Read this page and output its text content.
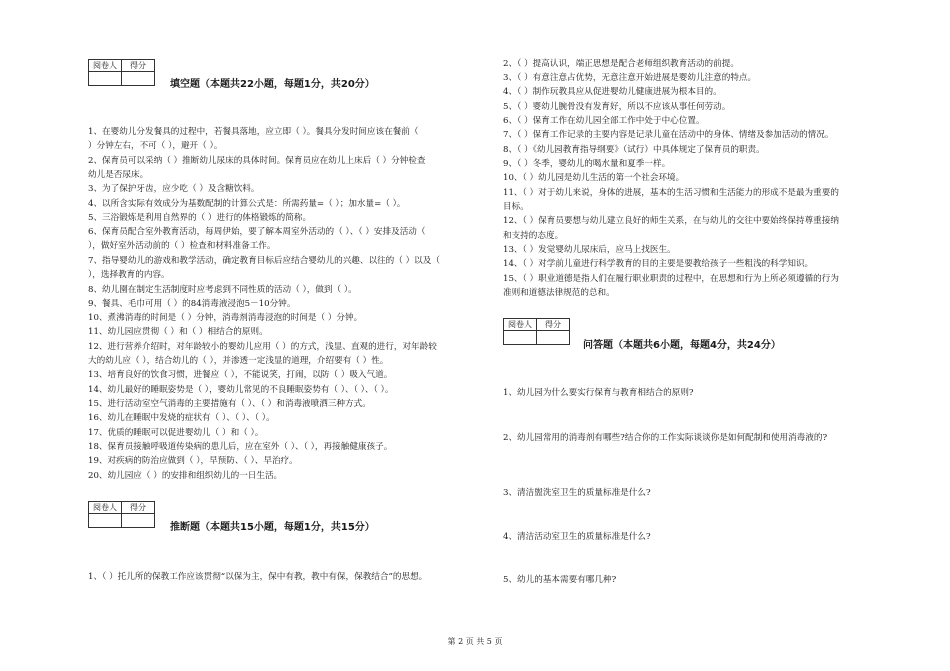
阅卷人	得分

填空题（本题共22小题，每题1分，共20分）
1、在婴幼儿分发餐具的过程中，若餐具落地，应立即（ ）。餐具分发时间应该在餐前（
）分钟左右，不可（ ），避开（ ）。
2、保育员可以采纳（ ）推断幼儿尿床的具体时间。保育员应在幼儿上床后（ ）分钟检查
幼儿是否尿床。
3、为了保护牙齿，应少吃（ ）及含糖饮料。
4、以所含实际有效成分为基数配制的计算公式是：所需药量=（ ）；加水量=（ ）。
5、三浴锻炼是利用自然界的（ ）进行的体格锻炼的简称。
6、保育员配合室外教育活动，每周伊始，要了解本周室外活动的（ ）、（ ）安排及活动（
），做好室外活动前的（ ）检查和材料准备工作。
7、指导婴幼儿的游戏和教学活动，确定教育目标后应结合婴幼儿的兴趣、以往的（ ）以及（
），选择教育的内容。
8、幼儿園在制定生活制度时应考虑到不同性质的活动（ ），做到（ ）。
9、餐具、毛巾可用（ ）的84消毒液浸泡5－10分钟。
10、煮沸消毒的时间是（ ）分钟，消毒剂消毒浸泡的时间是（ ）分钟。
11、幼儿园应贯彻（ ）和（ ）相结合的原则。
12、进行营养介绍时，对年龄较小的婴幼儿应用（ ）的方式，浅显、直观的进行，对年龄较
大的幼儿应（ ），结合幼儿的（ ），并渗透一定浅显的道理，介绍要有（ ）性。
13、培育良好的饮食习惯，进餐应（ ），不能说笑，打闹，以防（ ）吸入气道。
14、幼儿最好的睡眠姿势是（ ），婴幼儿常见的不良睡眠姿势有（ ）、（ ）、（ ）。
15、进行活动室空气消毒的主要措施有（ ）、（ ）和消毒液喷洒三种方式。
16、幼儿在睡眠中发烧的症状有（ ）、（ ）、（ ）。
17、优质的睡眠可以促进婴幼儿（ ）和（ ）。
18、保育员接触呼吸道传染病的患儿后，应在室外（ ）、（ ），再接触健康孩子。
19、对疾病的防治应做到（ ），早预防、（ ）、早治疗。
20、幼儿园应（ ）的安排和组织幼儿的一日生活。
阅卷人	得分

推断题（本题共15小题，每题1分，共15分）
1、（ ）托儿所的保教工作应该贯彻“以保为主，保中有教，教中有保，保教结合”的思想。
2、（ ）提高认识，端正思想是配合老师组织教育活动的前提。
3、（ ）有意注意占优势，无意注意开始进展是婴幼儿注意的特点。
4、（ ）制作玩教具应从促进婴幼儿健康进展为根本目的。
5、（ ）婴幼儿腕骨没有发育好，所以不应该从事任何劳动。
6、（ ）保育工作在幼儿园全部工作中处于中心位置。
7、（ ）保育工作记录的主要内容是记录儿童在活动中的身体、情绪及参加活动的情况。
8、（ ）《幼儿园教育指导纲要》（试行）中具体规定了保育员的职责。
9、（ ）冬季，婴幼儿的喝水量和夏季一样。
10、（ ）幼儿园是幼儿生活的第一个社会环境。
11、（ ）对于幼儿来说，身体的进展，基本的生活习惯和生活能力的形成不是最为重要的
目标。
12、（ ）保育员要想与幼儿建立良好的师生关系，在与幼儿的交往中要始终保持尊重接纳
和支持的态度。
13、（ ）发觉婴幼儿尿床后，应马上找医生。
14、（ ）对学前儿童进行科学教育的目的主要是要教给孩子一些粗浅的科学知识。
15、（ ）职业道德是指人们在履行职业职责的过程中，在思想和行为上所必须遵循的行为
准则和道德法律规范的总和。
阅卷人	得分

问答题（本题共6小题，每题4分，共24分）
1、幼儿园为什么要实行保育与教育相结合的原则?
2、幼儿园常用的消毒剂有哪些?结合你的工作实际谈谈你是如何配制和使用消毒液的?
3、清洁盥洗室卫生的质量标准是什么?
4、清洁活动室卫生的质量标准是什么?
5、幼儿的基本需要有哪几种?
第 2 页 共 5 页
